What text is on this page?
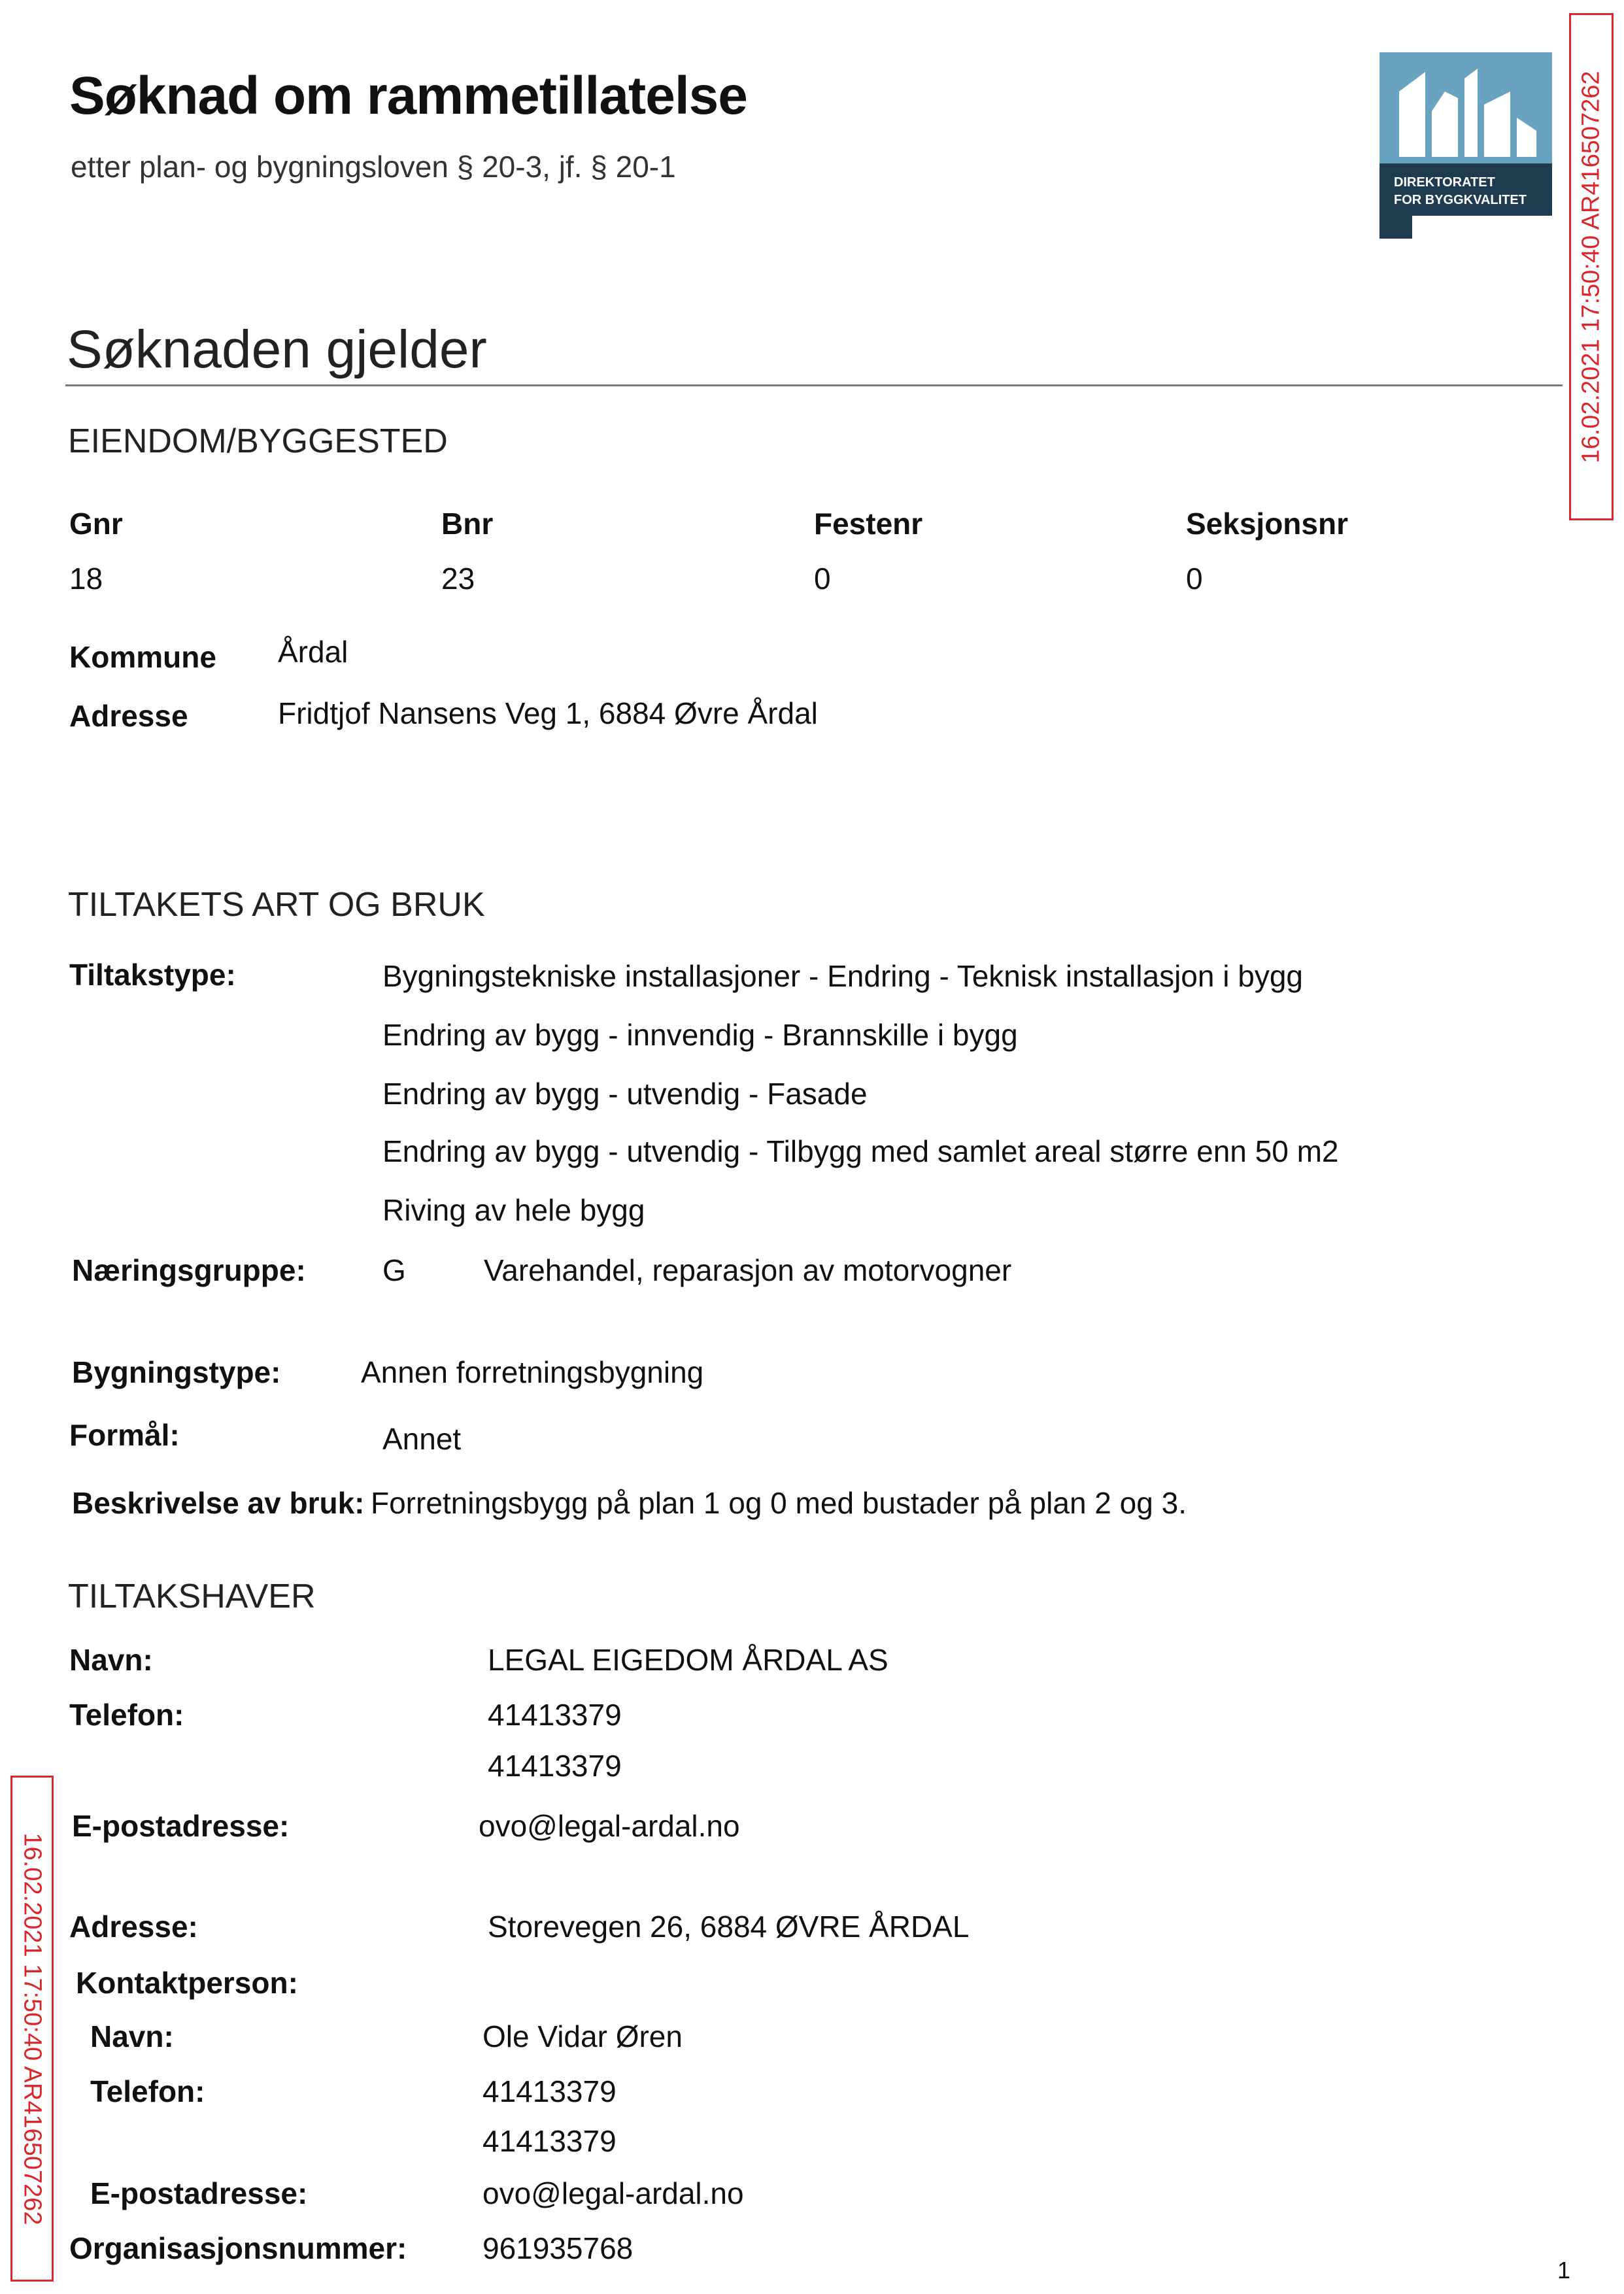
Søknad om rammetillatelse
etter plan- og bygningsloven § 20-3, jf. § 20-1	DIREKTORATET
FOR BYGGKVALITET 16.02.2021 17:50:40 AR416507262
16.02.2021 17:50:40 AR416507262
Søknaden gjelder
EIENDOM/BYGGESTED
Gnr	Bnr	Festenr	Seksjonsnr
18	23	0	0
Kommune Årdal
Adresse	Fridtjof Nansens Veg 1, 6884 Øvre Årdal
TILTAKETS ART OG BRUK
Tiltakstype:	Bygningstekniske installasjoner - Endring - Teknisk installasjon i bygg
Endring av bygg - innvendig - Brannskille i bygg
Endring av bygg - utvendig - Fasade
Endring av bygg - utvendig - Tilbygg med samlet areal større enn 50 m2
Riving av hele bygg
Næringsgruppe:	G	Varehandel, reparasjon av motorvogner
Bygningstype:	Annen forretningsbygning
Formål:	Annet
Beskrivelse av bruk: Forretningsbygg på plan 1 og 0 med bustader på plan 2 og 3.
TILTAKSHAVER
Navn:	LEGAL EIGEDOM ÅRDAL AS
Telefon:	41413379
41413379
E-postadresse:	ovo@legal-ardal.no
Adresse:	Storevegen 26, 6884 ØVRE ÅRDAL
Kontaktperson:
Navn:	Ole Vidar Øren
Telefon:	41413379
41413379
E-postadresse:	ovo@legal-ardal.no
Organisasjonsnummer:	961935768
1
